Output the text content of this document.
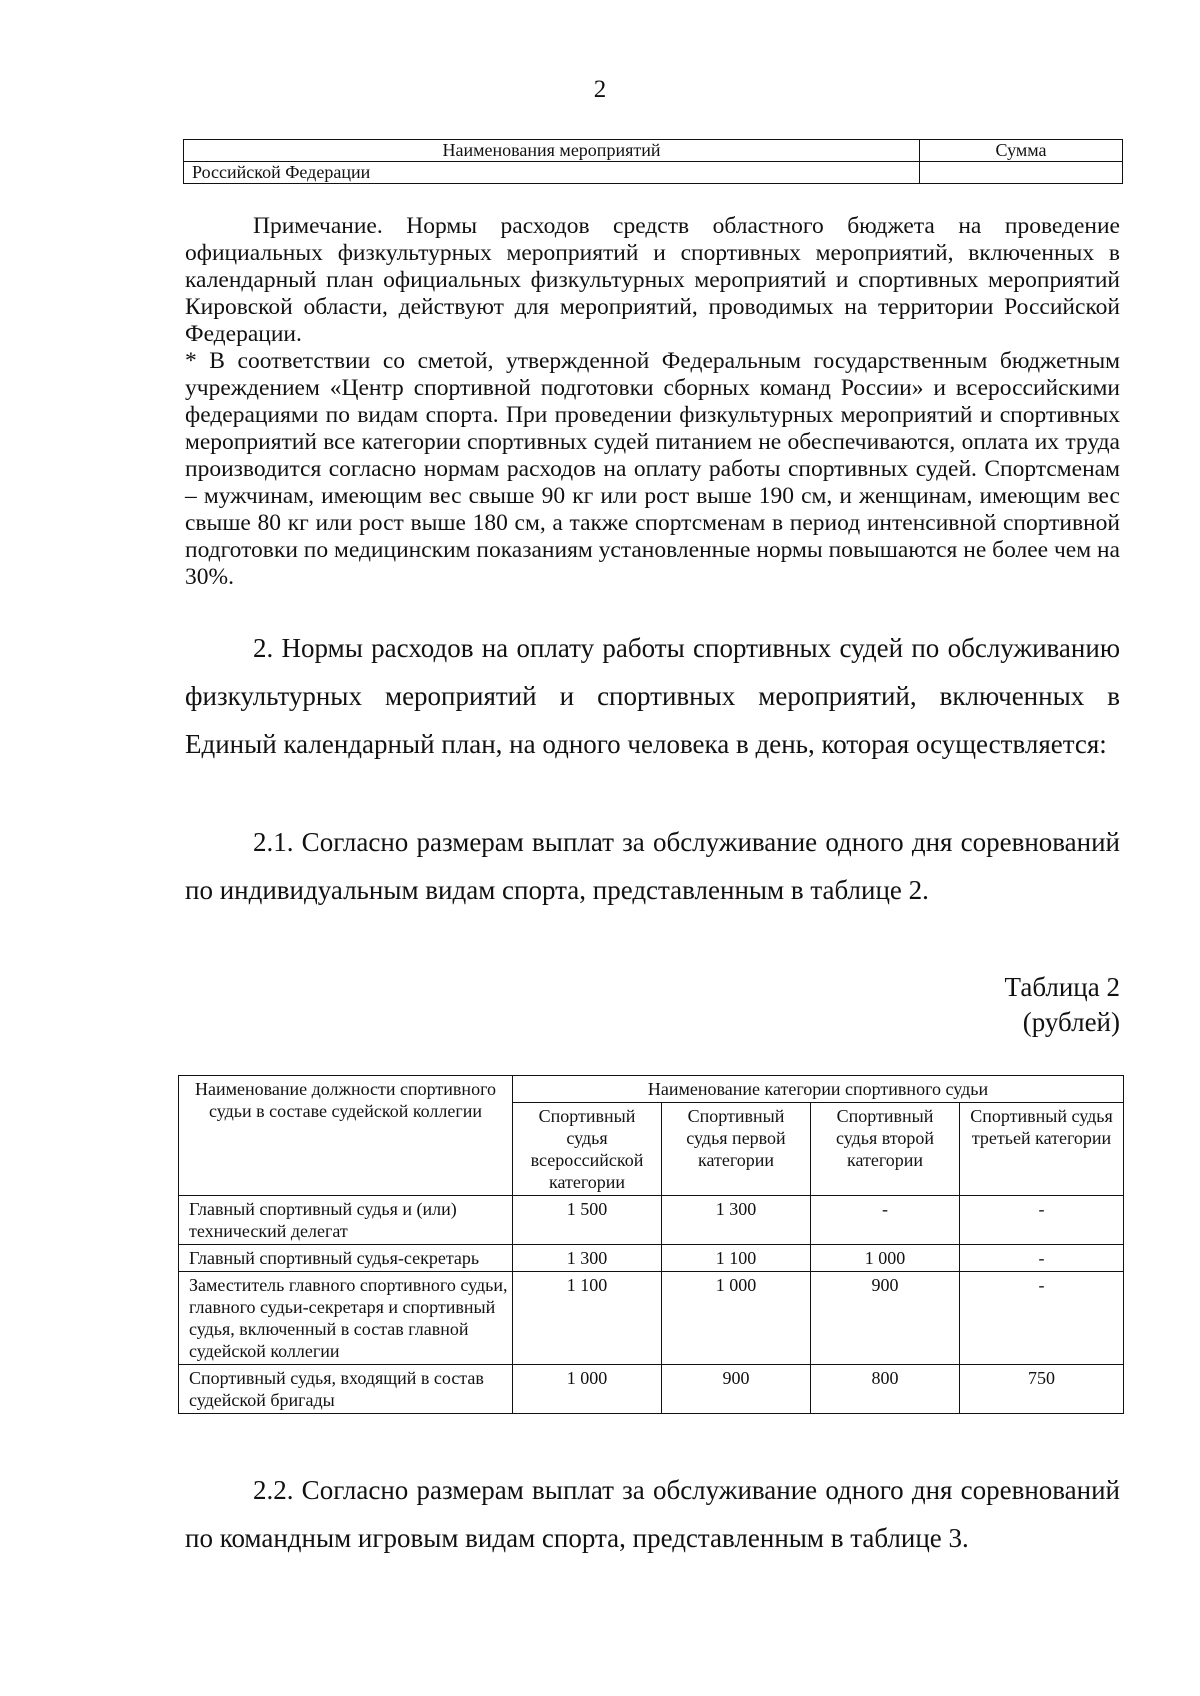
2
Наименования мероприятий	Сумма
Российской Федерации	

Примечание. Нормы расходов средств областного бюджета на проведение официальных физкультурных мероприятий и спортивных мероприятий, включенных в календарный план официальных физкультурных мероприятий и спортивных мероприятий Кировской области, действуют для мероприятий, проводимых на территории Российской Федерации.

* В соответствии со сметой, утвержденной Федеральным государственным бюджетным учреждением «Центр спортивной подготовки сборных команд России» и всероссийскими федерациями по видам спорта. При проведении физкультурных мероприятий и спортивных мероприятий все категории спортивных судей питанием не обеспечиваются, оплата их труда производится согласно нормам расходов на оплату работы спортивных судей. Спортсменам – мужчинам, имеющим вес свыше 90 кг или рост выше 190 см, и женщинам, имеющим вес свыше 80 кг или рост выше 180 см, а также спортсменам в период интенсивной спортивной подготовки по медицинским показаниям установленные нормы повышаются не более чем на 30%.

2. Нормы расходов на оплату работы спортивных судей по обслуживанию физкультурных мероприятий и спортивных мероприятий, включенных в Единый календарный план, на одного человека в день, которая осуществляется:

2.1. Согласно размерам выплат за обслуживание одного дня соревнований по индивидуальным видам спорта, представленным в таблице 2.

Таблица 2
(рублей)
Наименование должности спортивного судьи в составе судейской коллегии	Наименование категории спортивного судьи			
	Спортивный судья всероссийской категории	Спортивный судья первой категории	Спортивный судья второй категории	Спортивный судья третьей категории
Главный спортивный судья и (или) технический делегат	1 500	1 300	-	-
Главный спортивный судья-секретарь	1 300	1 100	1 000	-
Заместитель главного спортивного судьи, главного судьи-секретаря и спортивный судья, включенный в состав главной судейской коллегии	1 100	1 000	900	-
Спортивный судья, входящий в состав судейской бригады	1 000	900	800	750

2.2. Согласно размерам выплат за обслуживание одного дня соревнований по командным игровым видам спорта, представленным в таблице 3.
